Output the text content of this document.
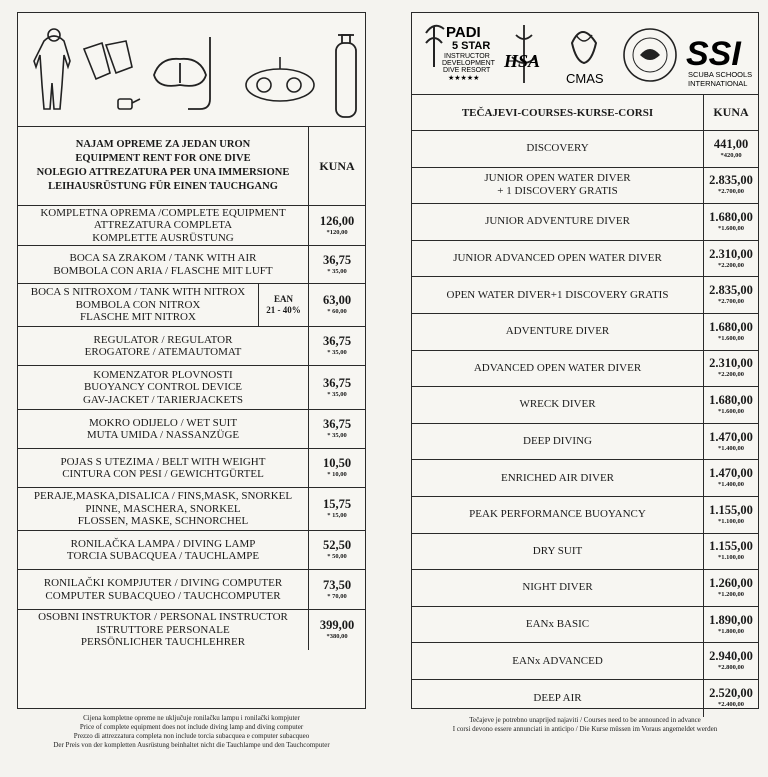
NAJAM OPREME ZA JEDAN URON
EQUIPMENT RENT FOR ONE DIVE
NOLEGIO ATTREZATURA PER UNA IMMERSIONE
LEIHAUSRÜSTUNG FÜR EINEN TAUCHGANG
KUNA
KOMPLETNA OPREMA /COMPLETE EQUIPMENT
ATTREZATURA COMPLETA
KOMPLETTE AUSRÜSTUNG
126,00
*120,00
BOCA SA ZRAKOM / TANK WITH AIR
BOMBOLA CON ARIA / FLASCHE MIT LUFT
36,75
* 35,00
BOCA S NITROXOM / TANK WITH NITROX
BOMBOLA CON NITROX
FLASCHE MIT NITROX
EAN
21 - 40%
63,00
* 60,00
REGULATOR / REGULATOR
EROGATORE / ATEMAUTOMAT
36,75
* 35,00
KOMENZATOR PLOVNOSTI
BUOYANCY CONTROL DEVICE
GAV-JACKET / TARIERJACKETS
36,75
* 35,00
MOKRO ODIJELO / WET SUIT
MUTA UMIDA / NASSANZÜGE
36,75
* 35,00
POJAS S UTEZIMA / BELT WITH WEIGHT
CINTURA CON PESI / GEWICHTGÜRTEL
10,50
* 10,00
PERAJE,MASKA,DISALICA / FINS,MASK, SNORKEL
PINNE, MASCHERA, SNORKEL
FLOSSEN, MASKE, SCHNORCHEL
15,75
* 15,00
RONILAČKA LAMPA / DIVING LAMP
TORCIA SUBACQUEA / TAUCHLAMPE
52,50
* 50,00
RONILAČKI KOMPJUTER / DIVING COMPUTER
COMPUTER SUBACQUEO / TAUCHCOMPUTER
73,50
* 70,00
OSOBNI INSTRUKTOR / PERSONAL INSTRUCTOR
ISTRUTTORE PERSONALE
PERSÖNLICHER TAUCHLEHRER
399,00
*380,00
Cijena kompletne opreme ne uključuje ronilačku lampu i ronilački kompjuter
Price of complete equipment does not include diving lamp and diving computer
Prezzo di attrezzatura completa non include torcia subacquea e computer subacqueo
Der Preis von der kompletten Ausrüstung beinhaltet nicht die Tauchlampe und den Tauchcomputer
PADI
5 STAR
INSTRUCTOR
DEVELOPMENT
DIVE RESORT
★★★★★
HSA
CMAS
SSI
SCUBA SCHOOLS
INTERNATIONAL
TEČAJEVI-COURSES-KURSE-CORSI	KUNA
DISCOVERY	441,00
*420,00
JUNIOR OPEN WATER DIVER
+ 1 DISCOVERY GRATIS
2.835,00
*2.700,00
JUNIOR ADVENTURE DIVER	1.680,00
*1.600,00
JUNIOR ADVANCED OPEN WATER DIVER	2.310,00
*2.200,00
OPEN WATER DIVER+1 DISCOVERY GRATIS	2.835,00
*2.700,00
ADVENTURE DIVER	1.680,00
*1.600,00
ADVANCED OPEN WATER DIVER	2.310,00
*2.200,00
WRECK DIVER	1.680,00
*1.600,00
DEEP DIVING	1.470,00
*1.400,00
ENRICHED AIR DIVER	1.470,00
*1.400,00
PEAK PERFORMANCE BUOYANCY	1.155,00
*1.100,00
DRY SUIT	1.155,00
*1.100,00
NIGHT DIVER	1.260,00
*1.200,00
EANx BASIC	1.890,00
*1.800,00
EANx ADVANCED	2.940,00
*2.800,00
DEEP AIR	2.520,00
*2.400,00
Tečajeve je potrebno unaprijed najaviti / Courses need to be announced in advance
I corsi devono essere annunciati in anticipo / Die Kurse müssen im Voraus angemeldet werden
